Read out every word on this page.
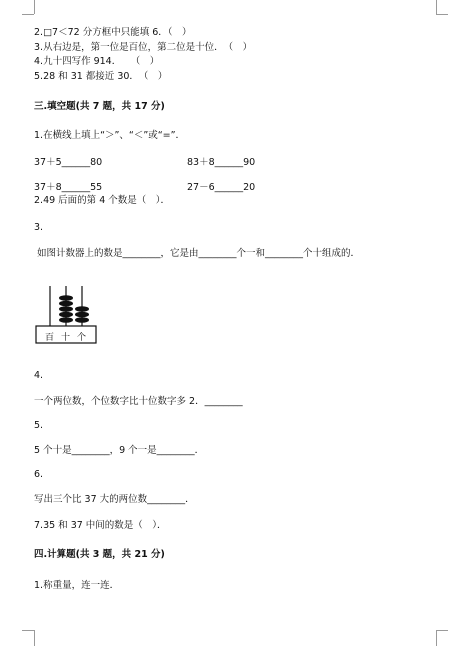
2.□7＜72 分方框中只能填 6．（　）
3.从右边是，第一位是百位，第二位是十位．　（　）
4.九十四写作 914．　　（　）
5.28 和 31 都接近 30．　（　）
三.填空题(共 7 题，共 17 分)
1.在横线上填上“＞”、“＜”或“=”．
37＋5______80	83＋8______90
37＋8______55	27－6______20
2.49 后面的第 4 个数是（　）．
3.
如图计数器上的数是________，它是由________个一和________个十组成的．
百 十 个
4.
一个两位数，个位数字比十位数字多 2．________
5.
5 个十是________，9 个一是________．
6.
写出三个比 37 大的两位数________．
7.35 和 37 中间的数是（　）．
四.计算题(共 3 题，共 21 分)
1.称重量，连一连．
